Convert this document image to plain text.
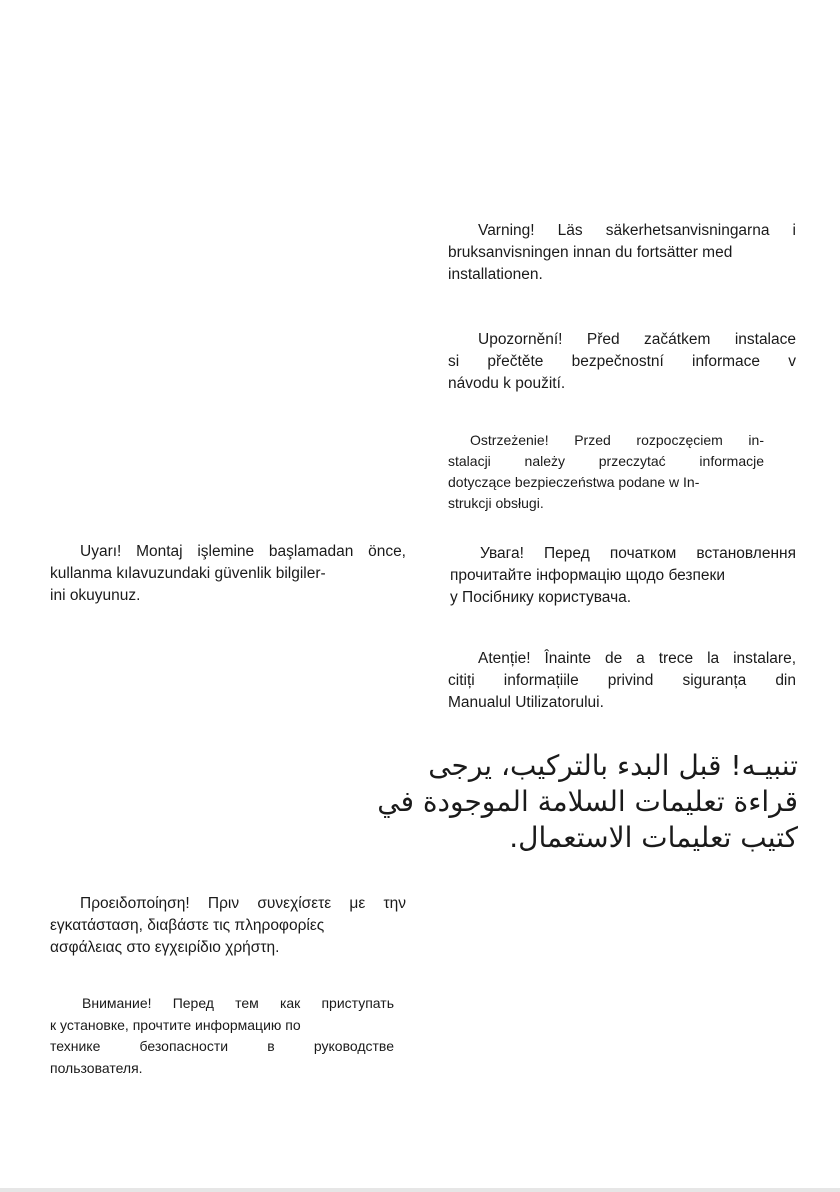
Varning! Läs säkerhetsanvisningarna i
bruksanvisningen innan du fortsätter med
installationen.
Upozornění! Před začátkem instalace
si přečtěte bezpečnostní informace v
návodu k použití.
Ostrzeżenie! Przed rozpoczęciem in-
stalacji należy przeczytać informacje
dotyczące bezpieczeństwa podane w In-
strukcji obsługi.
Uyarı! Montaj işlemine başlamadan önce,
kullanma kılavuzundaki güvenlik bilgiler-
ini okuyunuz.
Увага! Перед початком встановлення
прочитайте інформацію щодо безпеки
у Посібнику користувача.
Atenție! Înainte de a trece la instalare,
citiți informațiile privind siguranța din
Manualul Utilizatorului.
تنبيـه! قبل البدء بالتركيب، يرجى
قراءة تعليمات السلامة الموجودة في
كتيب تعليمات الاستعمال.
Προειδοποίηση! Πριν συνεχίσετε με την
εγκατάσταση, διαβάστε τις πληροφορίες
ασφάλειας στο εγχειρίδιο χρήστη.
Внимание! Перед тем как приступать
к установке, прочтите информацию по
технике безопасности в руководстве
пользователя.
